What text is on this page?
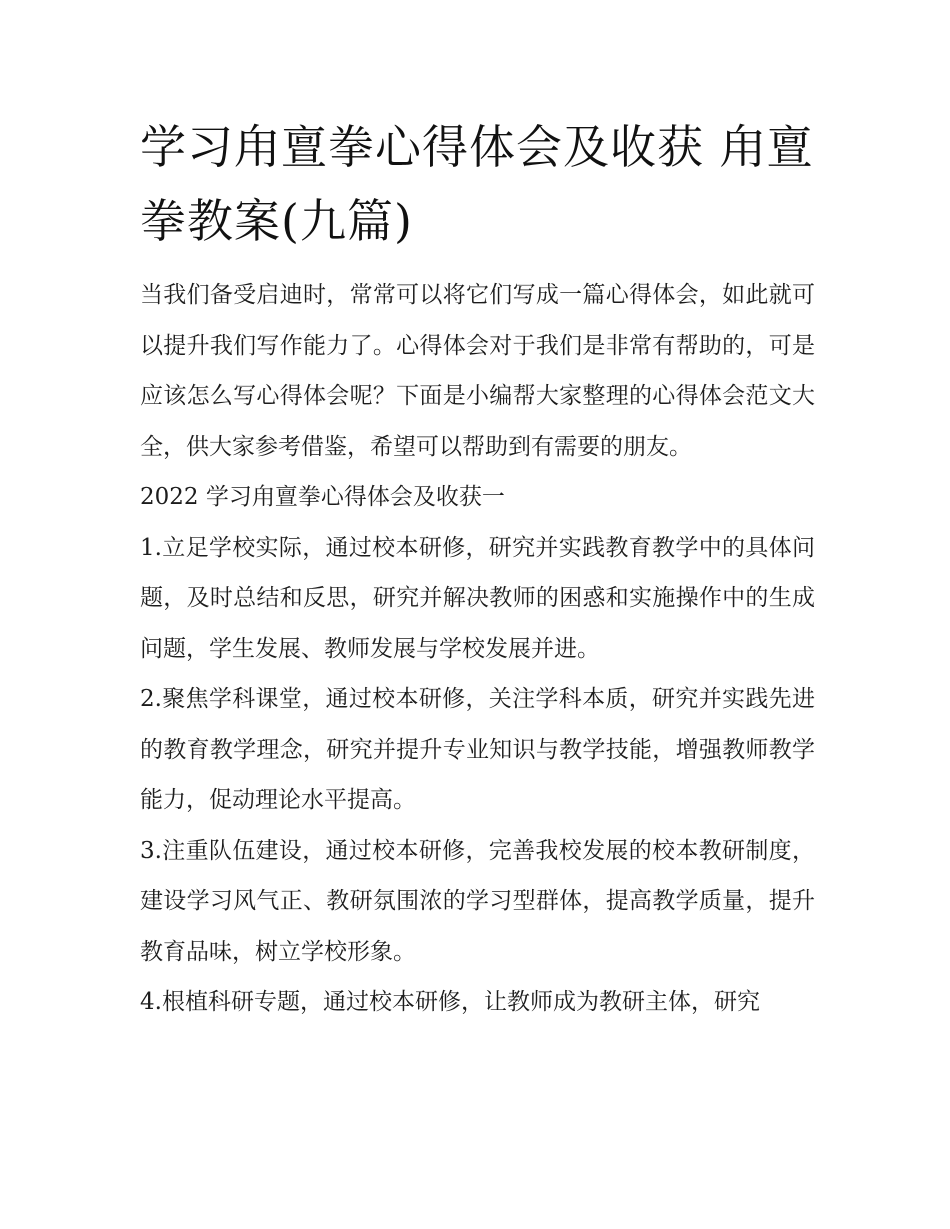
学习甪亶拳心得体会及收获 甪亶拳教案(九篇)

当我们备受启迪时，常常可以将它们写成一篇心得体会，如此就可以提升我们写作能力了。心得体会对于我们是非常有帮助的，可是应该怎么写心得体会呢？下面是小编帮大家整理的心得体会范文大全，供大家参考借鉴，希望可以帮助到有需要的朋友。

2022 学习甪亶拳心得体会及收获一

1.立足学校实际，通过校本研修，研究并实践教育教学中的具体问题，及时总结和反思，研究并解决教师的困惑和实施操作中的生成问题，学生发展、教师发展与学校发展并进。

2.聚焦学科课堂，通过校本研修，关注学科本质，研究并实践先进的教育教学理念，研究并提升专业知识与教学技能，增强教师教学能力，促动理论水平提高。

3.注重队伍建设，通过校本研修，完善我校发展的校本教研制度，建设学习风气正、教研氛围浓的学习型群体，提高教学质量，提升教育品味，树立学校形象。

4.根植科研专题，通过校本研修，让教师成为教研主体，研究
